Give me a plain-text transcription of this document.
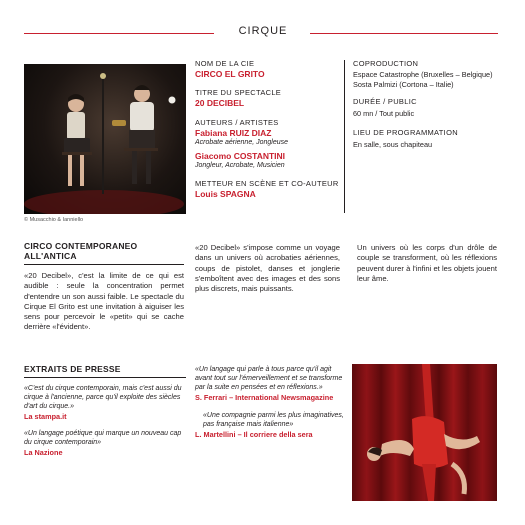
CIRQUE
© Musacchio & Ianniello
NOM DE LA CIE
CIRCO EL GRITO
TITRE DU SPECTACLE
20 DECIBEL
AUTEURS / ARTISTES
Fabiana RUIZ DIAZ
Acrobate aérienne, Jongleuse
Giacomo COSTANTINI
Jongleur, Acrobate, Musicien
METTEUR EN SCÈNE ET CO-AUTEUR
Louis SPAGNA
COPRODUCTION
Espace Catastrophe (Bruxelles – Belgique)
Sosta Palmizi (Cortona – Italie)
DURÉE / PUBLIC
60 mn / Tout public
LIEU DE PROGRAMMATION
En salle, sous chapiteau
CIRCO CONTEMPORANEO ALL'ANTICA
«20 Decibel», c'est la limite de ce qui est audible : seule la concentration permet d'entendre un son aussi faible. Le spectacle du Cirque El Grito est une invitation à aiguiser les sens pour percevoir le «petit» qui se cache derrière «l'évident».
«20 Decibel» s'impose comme un voyage dans un univers où acrobaties aériennes, coups de pistolet, danses et jonglerie s'emboîtent avec des images et des sons plus discrets, mais puissants.
Un univers où les corps d'un drôle de couple se transforment, où les réflexions peuvent durer à l'infini et les objets jouent leur âme.
EXTRAITS DE PRESSE
«C'est du cirque contemporain, mais c'est aussi du cirque à l'ancienne, parce qu'il exploite des siècles d'art du cirque.»
La stampa.it
«Un langage poétique qui marque un nouveau cap du cirque contemporain»
La Nazione
«Un langage qui parle à tous parce qu'il agit avant tout sur l'émerveillement et se transforme par la suite en pensées et en réflexions.»
S. Ferrari – International Newsmagazine
«Une compagnie parmi les plus imaginatives, pas française mais italienne»
L. Martellini – Il corriere della sera
